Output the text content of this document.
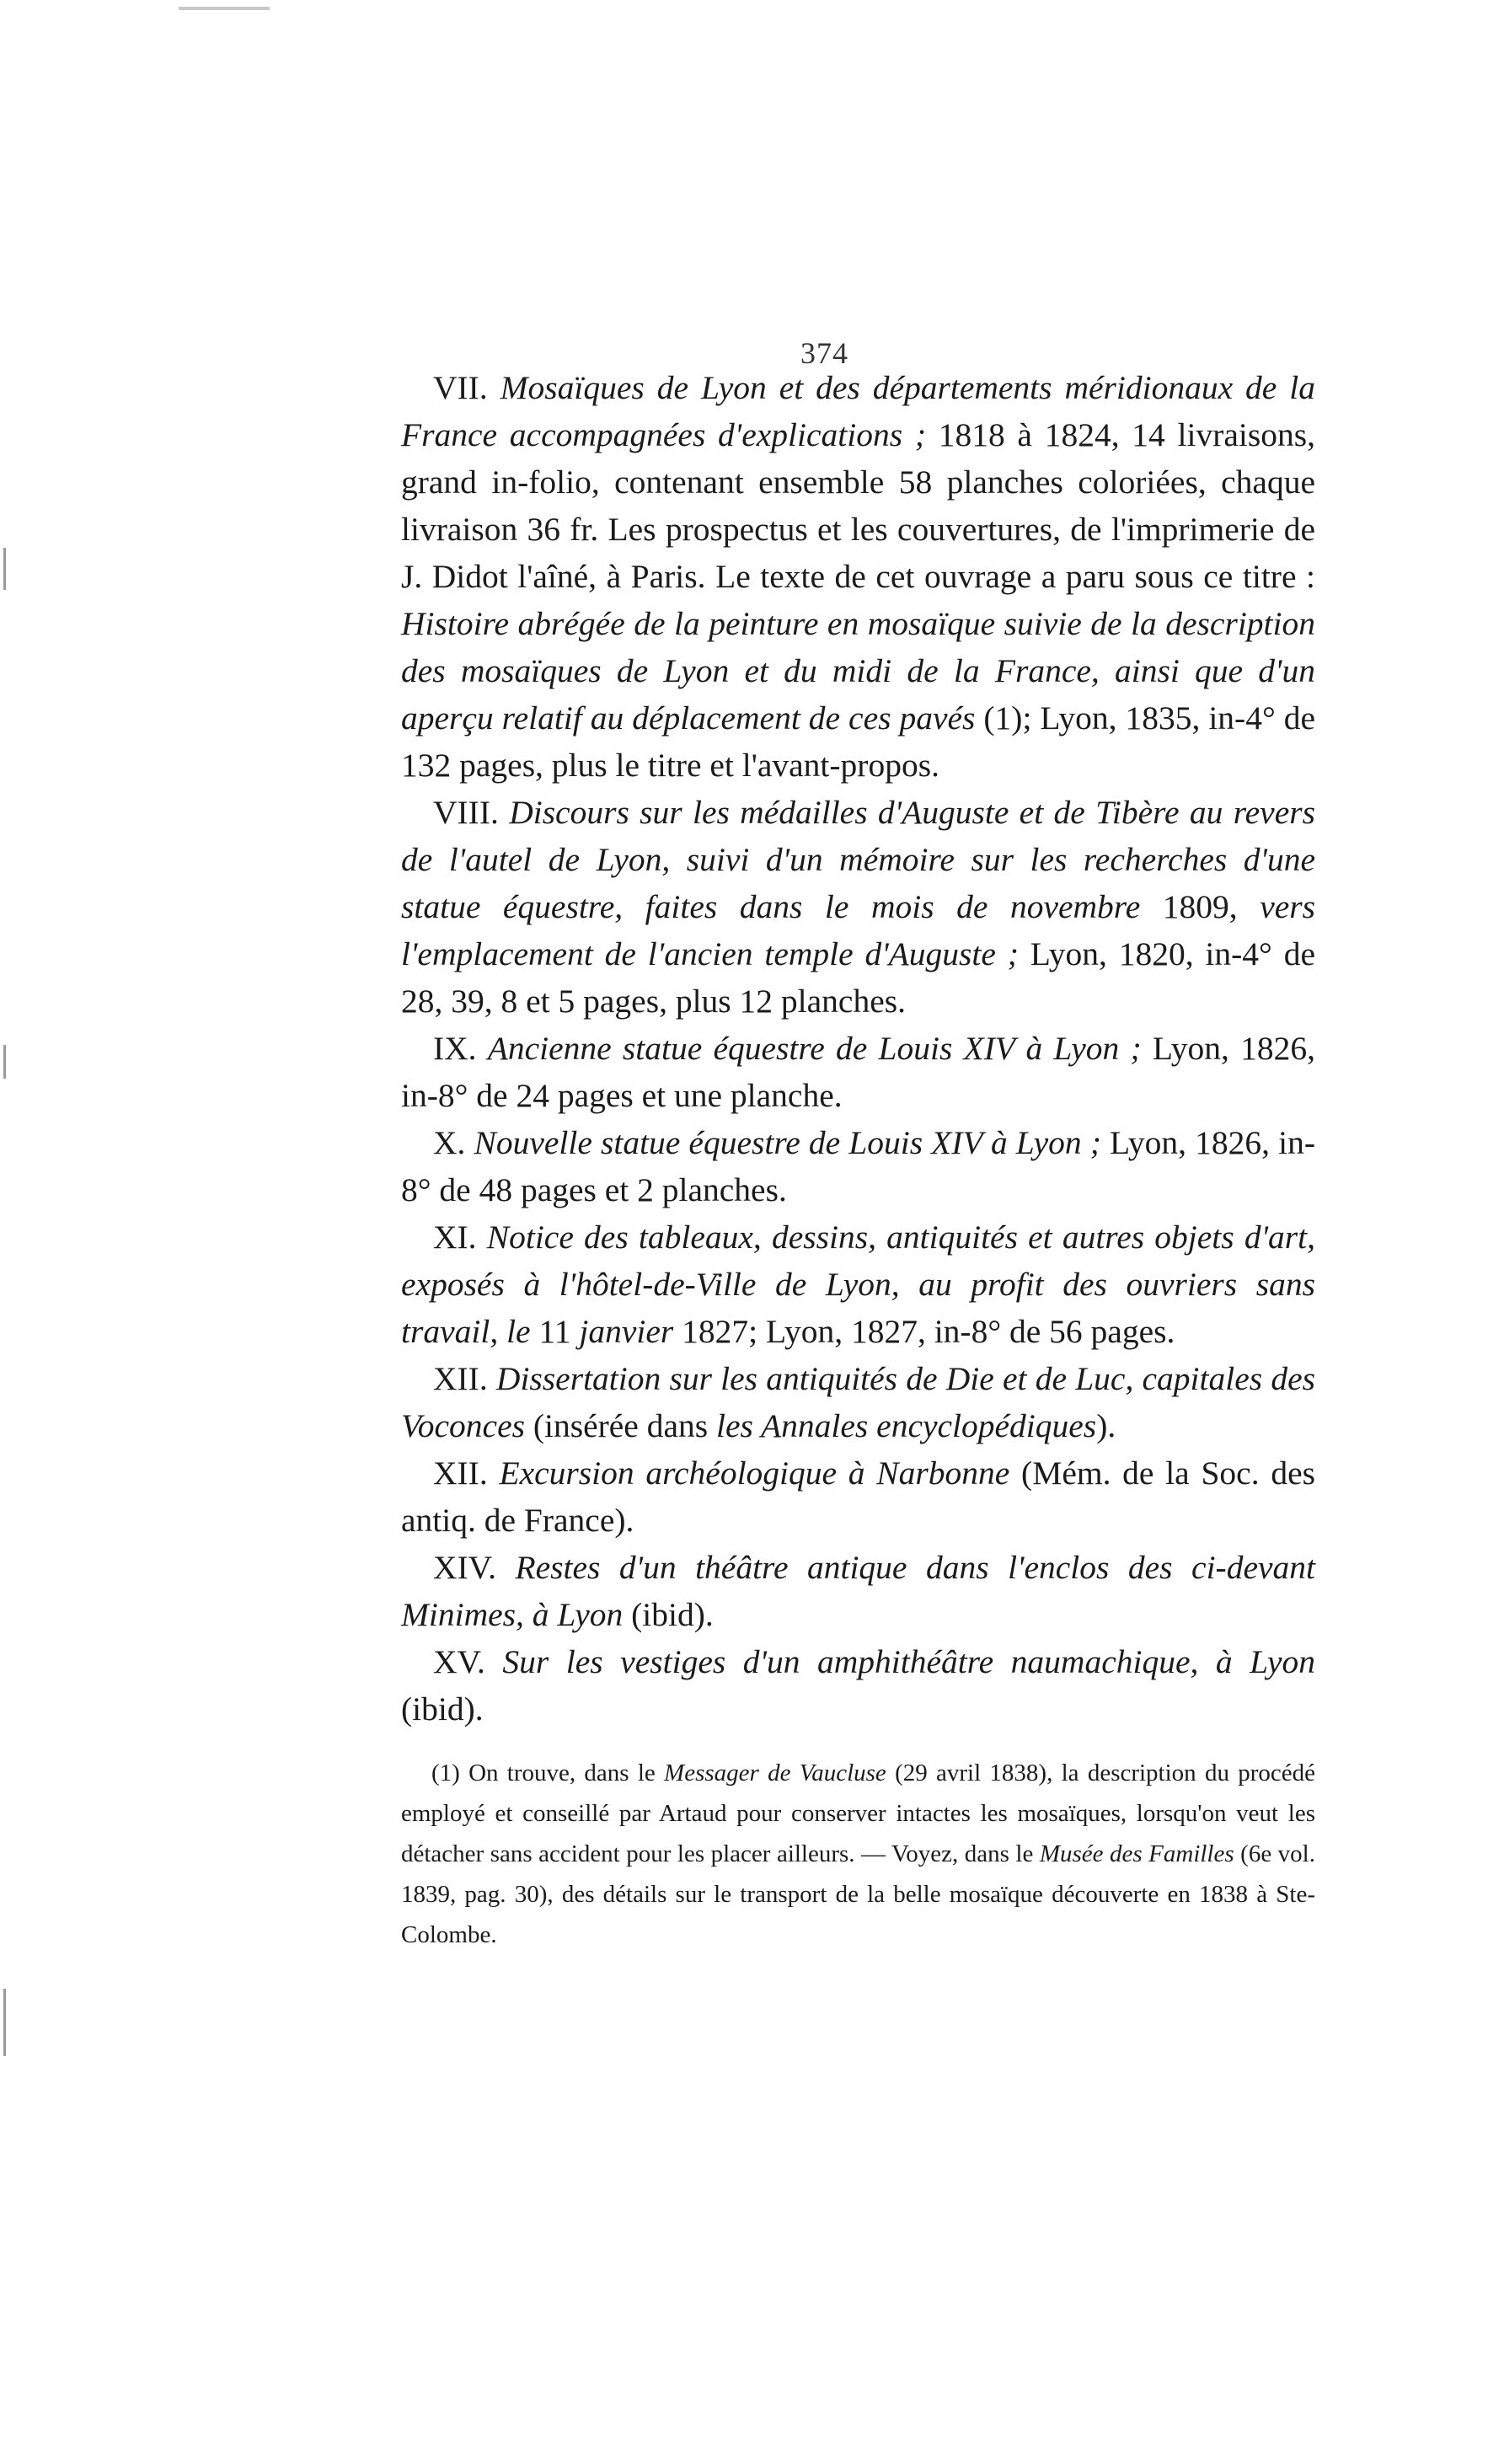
374

VII. Mosaïques de Lyon et des départements méridionaux de la France accompagnées d'explications ; 1818 à 1824, 14 livraisons, grand in-folio, contenant ensemble 58 planches coloriées, chaque livraison 36 fr. Les prospectus et les couvertures, de l'imprimerie de J. Didot l'aîné, à Paris. Le texte de cet ouvrage a paru sous ce titre : Histoire abrégée de la peinture en mosaïque suivie de la description des mosaïques de Lyon et du midi de la France, ainsi que d'un aperçu relatif au déplacement de ces pavés (1); Lyon, 1835, in-4° de 132 pages, plus le titre et l'avant-propos.

VIII. Discours sur les médailles d'Auguste et de Tibère au revers de l'autel de Lyon, suivi d'un mémoire sur les recherches d'une statue équestre, faites dans le mois de novembre 1809, vers l'emplacement de l'ancien temple d'Auguste ; Lyon, 1820, in-4° de 28, 39, 8 et 5 pages, plus 12 planches.

IX. Ancienne statue équestre de Louis XIV à Lyon ; Lyon, 1826, in-8° de 24 pages et une planche.

X. Nouvelle statue équestre de Louis XIV à Lyon ; Lyon, 1826, in-8° de 48 pages et 2 planches.

XI. Notice des tableaux, dessins, antiquités et autres objets d'art, exposés à l'hôtel-de-Ville de Lyon, au profit des ouvriers sans travail, le 11 janvier 1827; Lyon, 1827, in-8° de 56 pages.

XII. Dissertation sur les antiquités de Die et de Luc, capitales des Voconces (insérée dans les Annales encyclopédiques).

XII. Excursion archéologique à Narbonne (Mém. de la Soc. des antiq. de France).

XIV. Restes d'un théâtre antique dans l'enclos des ci-devant Minimes, à Lyon (ibid).

XV. Sur les vestiges d'un amphithéâtre naumachique, à Lyon (ibid).

(1) On trouve, dans le Messager de Vaucluse (29 avril 1838), la description du procédé employé et conseillé par Artaud pour conserver intactes les mosaïques, lorsqu'on veut les détacher sans accident pour les placer ailleurs. — Voyez, dans le Musée des Familles (6e vol. 1839, pag. 30), des détails sur le transport de la belle mosaïque découverte en 1838 à Ste-Colombe.
